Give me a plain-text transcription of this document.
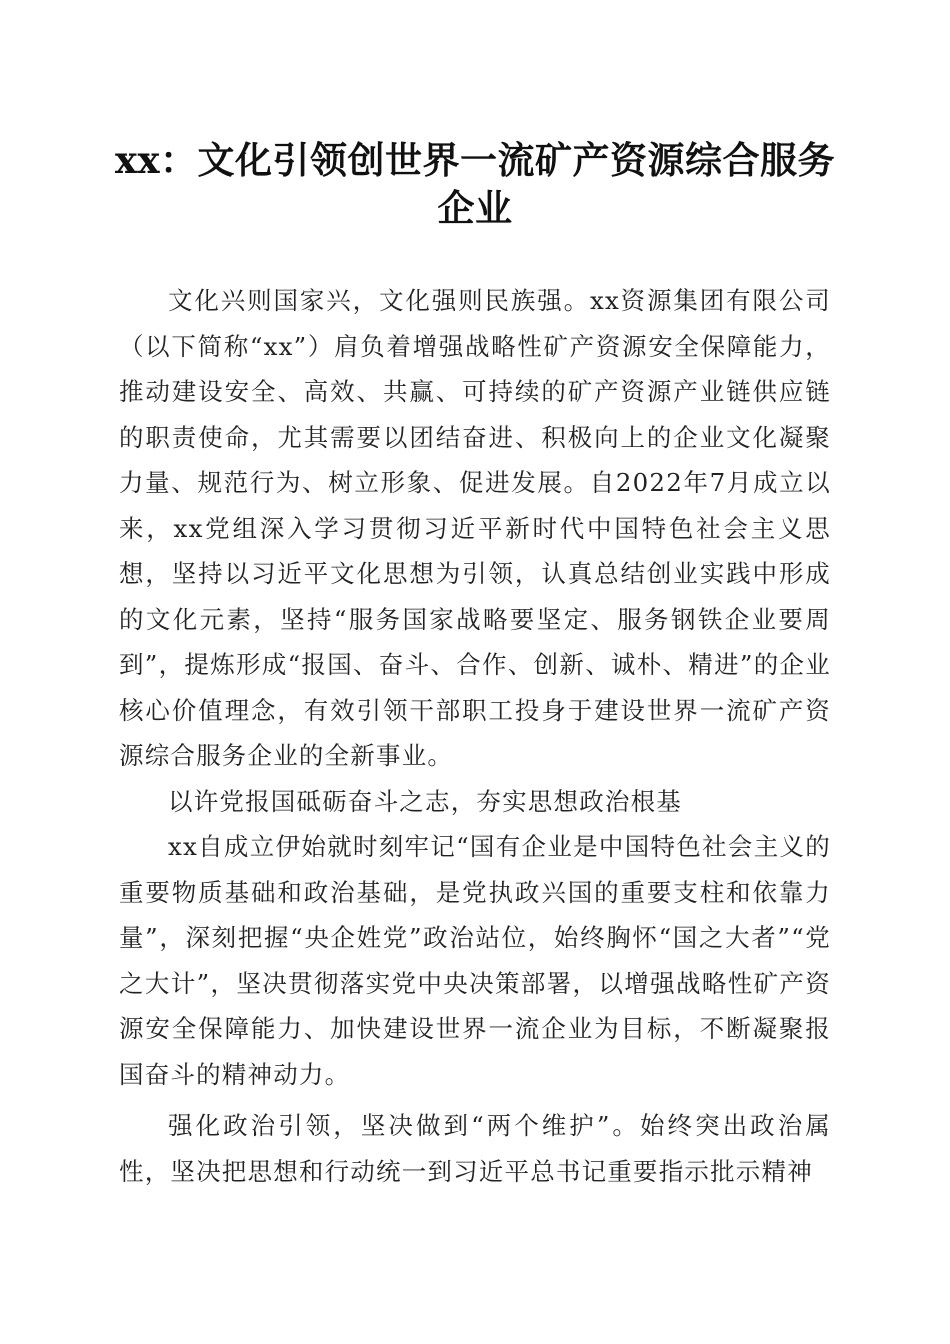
xx：文化引领创世界一流矿产资源综合服务企业

文化兴则国家兴，文化强则民族强。xx资源集团有限公司（以下简称“xx”）肩负着增强战略性矿产资源安全保障能力，推动建设安全、高效、共赢、可持续的矿产资源产业链供应链的职责使命，尤其需要以团结奋进、积极向上的企业文化凝聚力量、规范行为、树立形象、促进发展。自2022年7月成立以来，xx党组深入学习贯彻习近平新时代中国特色社会主义思想，坚持以习近平文化思想为引领，认真总结创业实践中形成的文化元素，坚持“服务国家战略要坚定、服务钢铁企业要周到”，提炼形成“报国、奋斗、合作、创新、诚朴、精进”的企业核心价值理念，有效引领干部职工投身于建设世界一流矿产资源综合服务企业的全新事业。

以许党报国砥砺奋斗之志，夯实思想政治根基

xx自成立伊始就时刻牢记“国有企业是中国特色社会主义的重要物质基础和政治基础，是党执政兴国的重要支柱和依靠力量”，深刻把握“央企姓党”政治站位，始终胸怀“国之大者”“党之大计”，坚决贯彻落实党中央决策部署，以增强战略性矿产资源安全保障能力、加快建设世界一流企业为目标，不断凝聚报国奋斗的精神动力。

强化政治引领，坚决做到“两个维护”。始终突出政治属性，坚决把思想和行动统一到习近平总书记重要指示批示精神
